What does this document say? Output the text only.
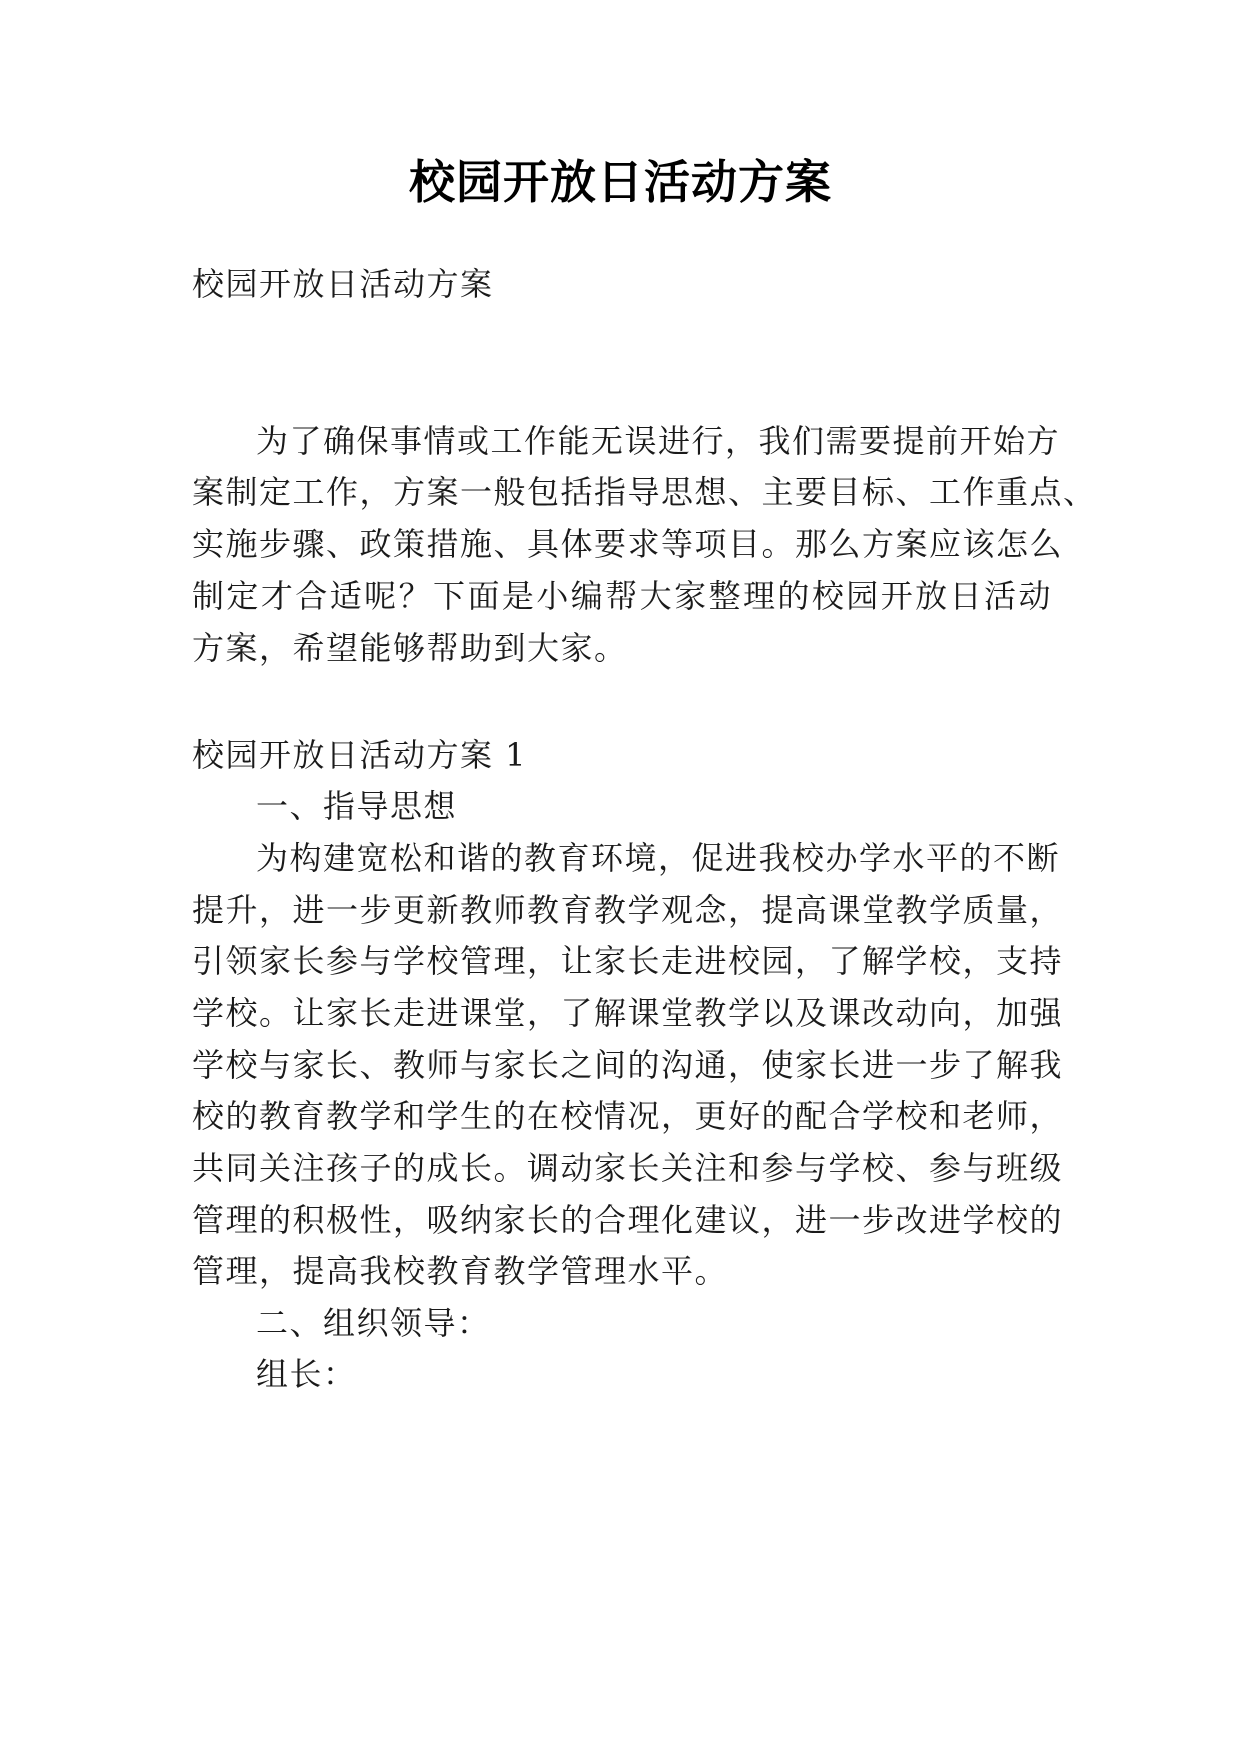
校园开放日活动方案

校园开放日活动方案

为了确保事情或工作能无误进行，我们需要提前开始方

案制定工作，方案一般包括指导思想、主要目标、工作重点、

实施步骤、政策措施、具体要求等项目。那么方案应该怎么

制定才合适呢？下面是小编帮大家整理的校园开放日活动

方案，希望能够帮助到大家。

校园开放日活动方案 1

一、指导思想

为构建宽松和谐的教育环境，促进我校办学水平的不断

提升，进一步更新教师教育教学观念，提高课堂教学质量，

引领家长参与学校管理，让家长走进校园，了解学校，支持

学校。让家长走进课堂，了解课堂教学以及课改动向，加强

学校与家长、教师与家长之间的沟通，使家长进一步了解我

校的教育教学和学生的在校情况，更好的配合学校和老师，

共同关注孩子的成长。调动家长关注和参与学校、参与班级

管理的积极性，吸纳家长的合理化建议，进一步改进学校的

管理，提高我校教育教学管理水平。

二、组织领导：

组长：
